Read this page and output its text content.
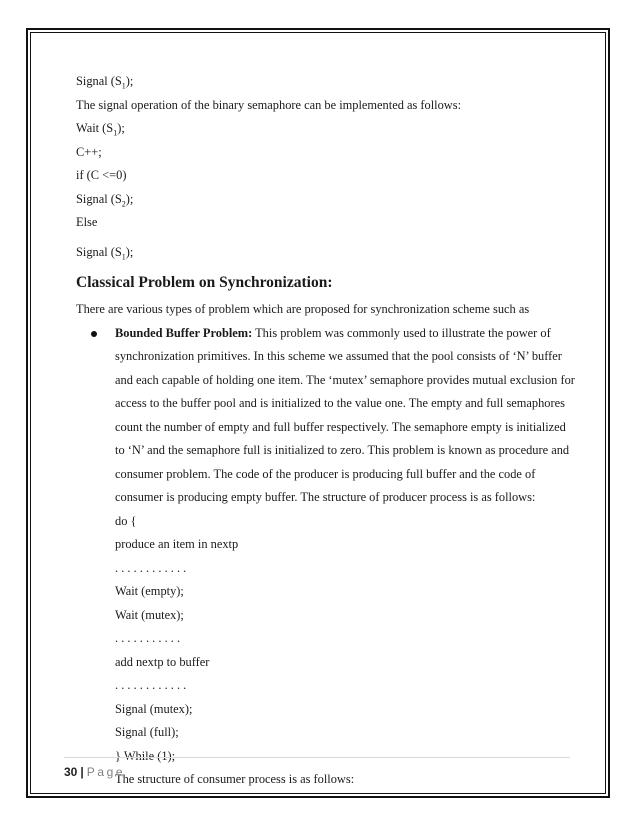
Signal $(S_1)$;
The signal operation of the binary semaphore can be implemented as follows:
Wait $(S_1)$;
C++;
if (C <=0)
Signal $(S_2)$;
Else
Signal $(S_1)$;
Classical Problem on Synchronization:
There are various types of problem which are proposed for synchronization scheme such as
Bounded Buffer Problem: This problem was commonly used to illustrate the power of
synchronization primitives. In this scheme we assumed that the pool consists of ‘N’ buffer
and each capable of holding one item. The ‘mutex’ semaphore provides mutual exclusion for
access to the buffer pool and is initialized to the value one. The empty and full semaphores
count the number of empty and full buffer respectively. The semaphore empty is initialized
to ‘N’ and the semaphore full is initialized to zero. This problem is known as procedure and
consumer problem. The code of the producer is producing full buffer and the code of
consumer is producing empty buffer. The structure of producer process is as follows:
do {
produce an item in nextp
. . . . . . . . . . . .
Wait (empty);
Wait (mutex);
. . . . . . . . . . .
add nextp to buffer
. . . . . . . . . . . .
Signal (mutex);
Signal (full);
} While (1);
The structure of consumer process is as follows:
30 | Page
